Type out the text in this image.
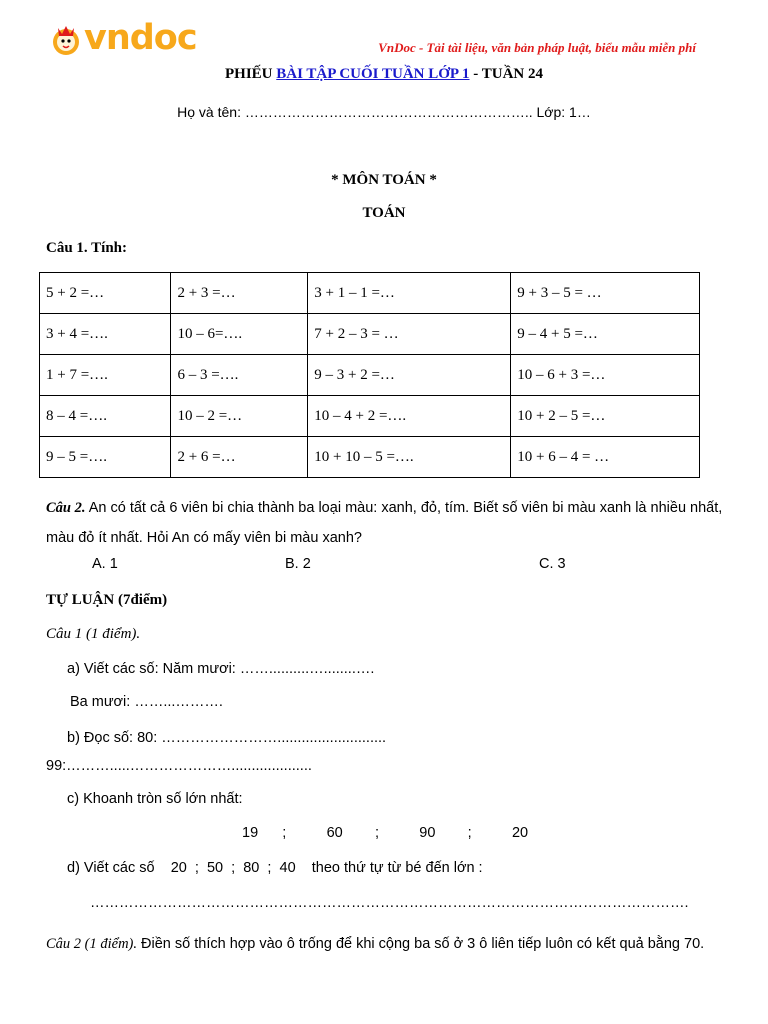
vndoc	VnDoc - Tải tài liệu, văn bản pháp luật, biểu mẫu miễn phí
PHIẾU BÀI TẬP CUỐI TUẦN LỚP 1 - TUẦN 24
Họ và tên: …………………………………………………….. Lớp: 1…
* MÔN TOÁN *
TOÁN
Câu 1. Tính:
5 + 2 =…	2 + 3 =…	3 + 1 – 1 =…	9 + 3 – 5 = …
3 + 4 =….	10 – 6=….	7 + 2 – 3 = …	9 – 4 + 5 =…
1 + 7 =….	6 – 3 =….	9 – 3 + 2 =…	10 – 6 + 3 =…
8 – 4 =….	10 – 2 =…	10 – 4 + 2 =….	10 + 2 – 5 =…
9 – 5 =….	2 + 6 =…	10 + 10 – 5 =….	10 + 6 – 4 = …
Câu 2. An có tất cả 6 viên bi chia thành ba loại màu: xanh, đỏ, tím. Biết số viên bi màu xanh là nhiều nhất, màu đỏ ít nhất. Hỏi An có mấy viên bi màu xanh?
A. 1	B. 2	C. 3
TỰ LUẬN (7điểm)
Câu 1 (1 điểm).
a) Viết các số: Năm mươi: ……..........…........….
Ba mươi: ……...……….
b) Đọc số: 80: ……………………...........................
99:……….....…………………....................
c) Khoanh tròn số lớn nhất:
19      ;          60        ;          90        ;          20
d) Viết các số    20  ;  50  ;  80  ;  40    theo thứ tự từ bé đến lớn :
…………………………………………………………………………………………………………….
Câu 2 (1 điểm). Điền số thích hợp vào ô trống để khi cộng ba số ở 3 ô liên tiếp luôn có kết quả bằng 70.
